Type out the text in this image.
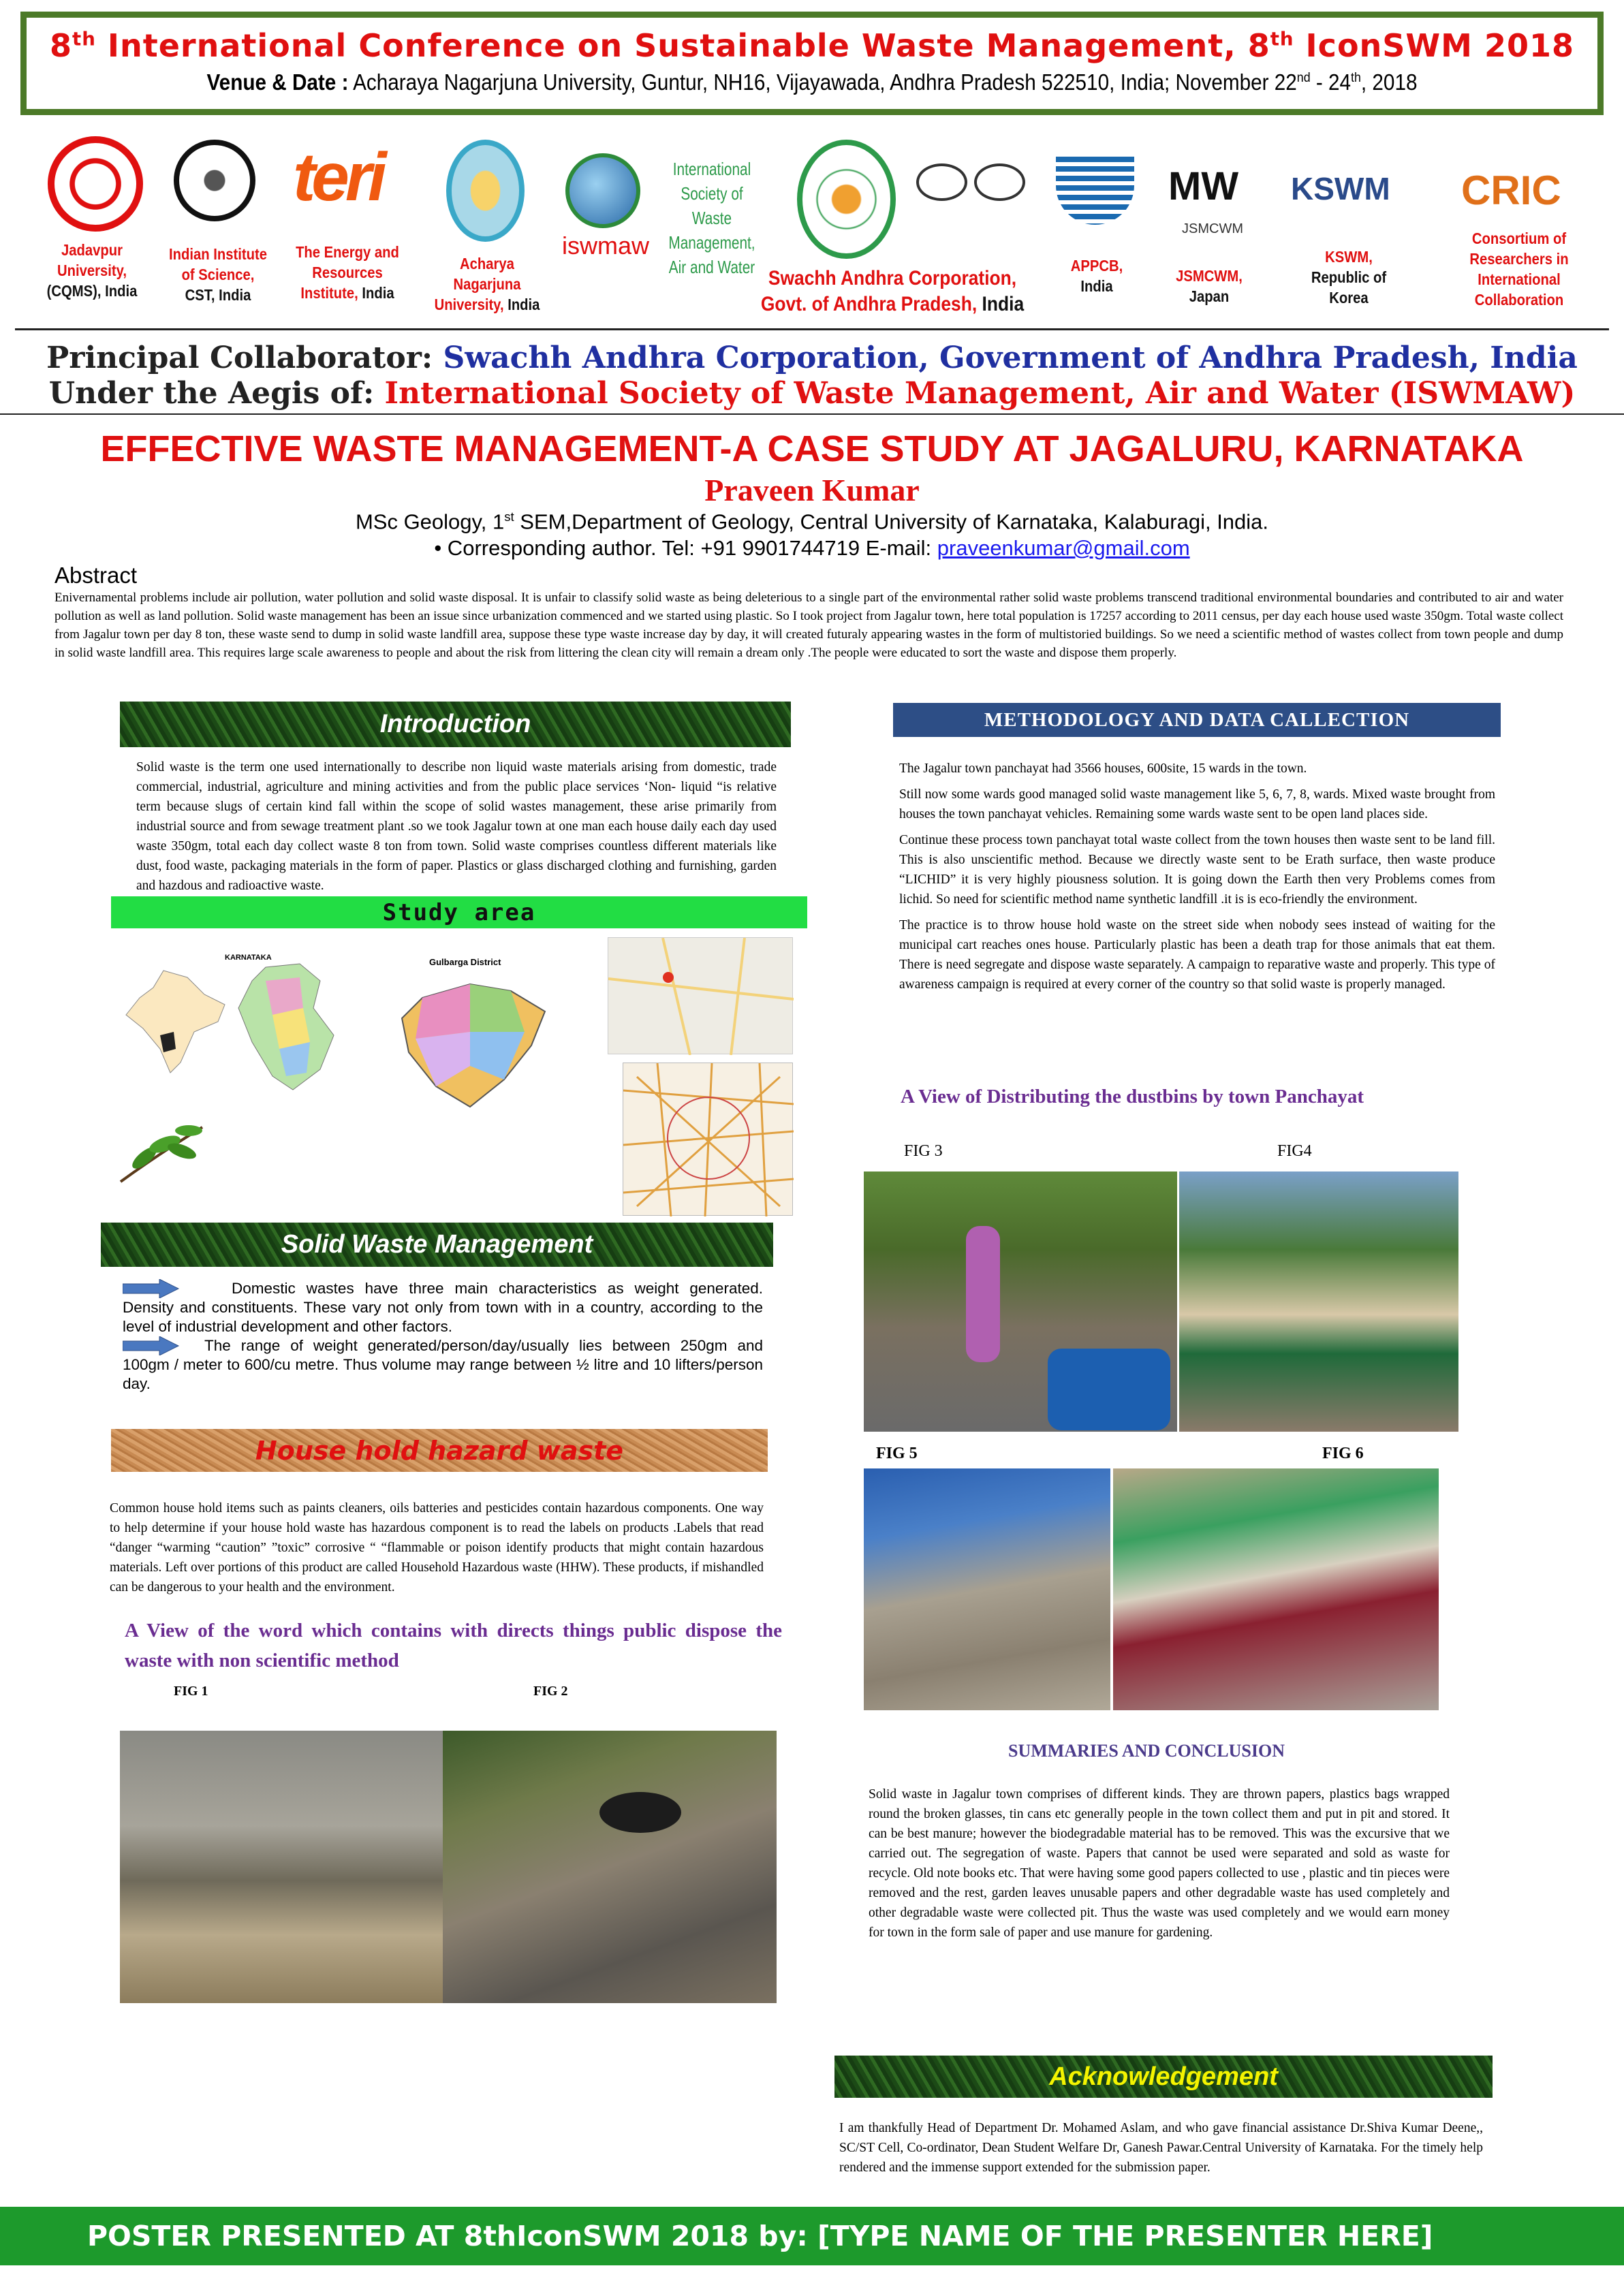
8th International Conference on Sustainable Waste Management, 8th IconSWM 2018
Venue & Date : Acharaya Nagarjuna University, Guntur, NH16, Vijayawada, Andhra Pradesh 522510, India; November 22nd - 24th, 2018
Jadavpur University,
(CQMS), India
Indian Institute of Science,
CST, India
teri
The Energy and Resources Institute, India
Acharya Nagarjuna University, India
iswmaw
International Society of Waste Management, Air and Water Swachh Andhra Corporation, Govt. of Andhra Pradesh, India
APPCB,
India
MW
JSMCWM
JSMCWM,
Japan
KSWM
KSWM,
Republic of Korea
CRIC
Consortium of Researchers in International Collaboration
Principal Collaborator: Swachh Andhra Corporation, Government of Andhra Pradesh, India
Under the Aegis of: International Society of Waste Management, Air and Water (ISWMAW)
EFFECTIVE WASTE MANAGEMENT-A CASE STUDY AT JAGALURU, KARNATAKA
Praveen Kumar
MSc Geology, 1st SEM,Department of Geology, Central University of Karnataka, Kalaburagi, India.
• Corresponding author. Tel: +91 9901744719 E-mail: praveenkumar@gmail.com
Abstract
Enivernamental problems include air pollution, water pollution and solid waste disposal. It is unfair to classify solid waste as being deleterious to a single part of the environmental rather solid waste problems transcend traditional environmental boundaries and contributed to air and water pollution as well as land pollution. Solid waste management has been an issue since urbanization commenced and we started using plastic. So I took project from Jagalur town, here total population is 17257 according to 2011 census, per day each house used waste 350gm. Total waste collect from Jagalur town per day 8 ton, these waste send to dump in solid waste landfill area, suppose these type waste increase day by day, it will created futuraly appearing wastes in the form of multistoried buildings. So we need a scientific method of wastes collect from town people and dump in solid waste landfill area. This requires large scale awareness to people and about the risk from littering the clean city will remain a dream only .The people were educated to sort the waste and dispose them properly.
Introduction
Solid waste is the term one used internationally to describe non liquid waste materials arising from domestic, trade commercial, industrial, agriculture and mining activities and from the public place services ‘Non- liquid “is relative term because slugs of certain kind fall within the scope of solid wastes management, these arise primarily from industrial source and from sewage treatment plant .so we took Jagalur town at one man each house daily each day used waste 350gm, total each day collect waste 8 ton from town. Solid waste comprises countless different materials like dust, food waste, packaging materials in the form of paper. Plastics or glass discharged clothing and furnishing, garden and hazdous and radioactive waste.
Study area
KARNATAKA	Gulbarga District
Solid Waste Management

Domestic wastes have three main characteristics as weight generated. Density and constituents. These vary not only from town with in a country, according to the level of industrial development and other factors.

The range of weight generated/person/day/usually lies between 250gm and 100gm / meter to 600/cu metre. Thus volume may range between ½ litre and 10 lifters/person day.

House hold hazard waste
Common house hold items such as paints cleaners, oils batteries and pesticides contain hazardous components. One way to help determine if your house hold waste has hazardous component is to read the labels on products .Labels that read “danger “warming “caution” ”toxic” corrosive “ “flammable or poison identify products that might contain hazardous materials. Left over portions of this product are called Household Hazardous waste (HHW). These products, if mishandled can be dangerous to your health and the environment.
A View of the word which contains with directs things public dispose the waste with non scientific method
FIG 1	FIG 2
METHODOLOGY AND DATA CALLECTION

The Jagalur town panchayat had 3566 houses, 600site, 15 wards in the town.

Still now some wards good managed solid waste management like 5, 6, 7, 8, wards. Mixed waste brought from houses the town panchayat vehicles. Remaining some wards waste sent to be open land places side.

Continue these process town panchayat total waste collect from the town houses then waste sent to be land fill. This is also unscientific method. Because we directly waste sent to be Erath surface, then waste produce “LICHID” it is very highly piousness solution. It is going down the Earth then very Problems comes from lichid. So need for scientific method name synthetic landfill .it is is eco-friendly the environment.

The practice is to throw house hold waste on the street side when nobody sees instead of waiting for the municipal cart reaches ones house. Particularly plastic has been a death trap for those animals that eat them. There is need segregate and dispose waste separately. A campaign to reparative waste and properly. This type of awareness campaign is required at every corner of the country so that solid waste is properly managed.

A View of Distributing the dustbins by town Panchayat
FIG 3	FIG4
FIG 5	FIG 6
SUMMARIES AND CONCLUSION
Solid waste in Jagalur town comprises of different kinds. They are thrown papers, plastics bags wrapped round the broken glasses, tin cans etc generally people in the town collect them and put in pit and stored. It can be best manure; however the biodegradable material has to be removed. This was the excursive that we carried out. The segregation of waste. Papers that cannot be used were separated and sold as waste for recycle. Old note books etc. That were having some good papers collected to use , plastic and tin pieces were removed and the rest, garden leaves unusable papers and other degradable waste has used completely and other degradable waste were collected pit. Thus the waste was used completely and we would earn money for town in the form sale of paper and use manure for gardening.
Acknowledgement
I am thankfully Head of Department Dr. Mohamed Aslam, and who gave financial assistance Dr.Shiva Kumar Deene,, SC/ST Cell, Co-ordinator, Dean Student Welfare Dr, Ganesh Pawar.Central University of Karnataka. For the timely help rendered and the immense support extended for the submission paper.
POSTER PRESENTED AT 8thIconSWM 2018 by: [TYPE NAME OF THE PRESENTER HERE]
